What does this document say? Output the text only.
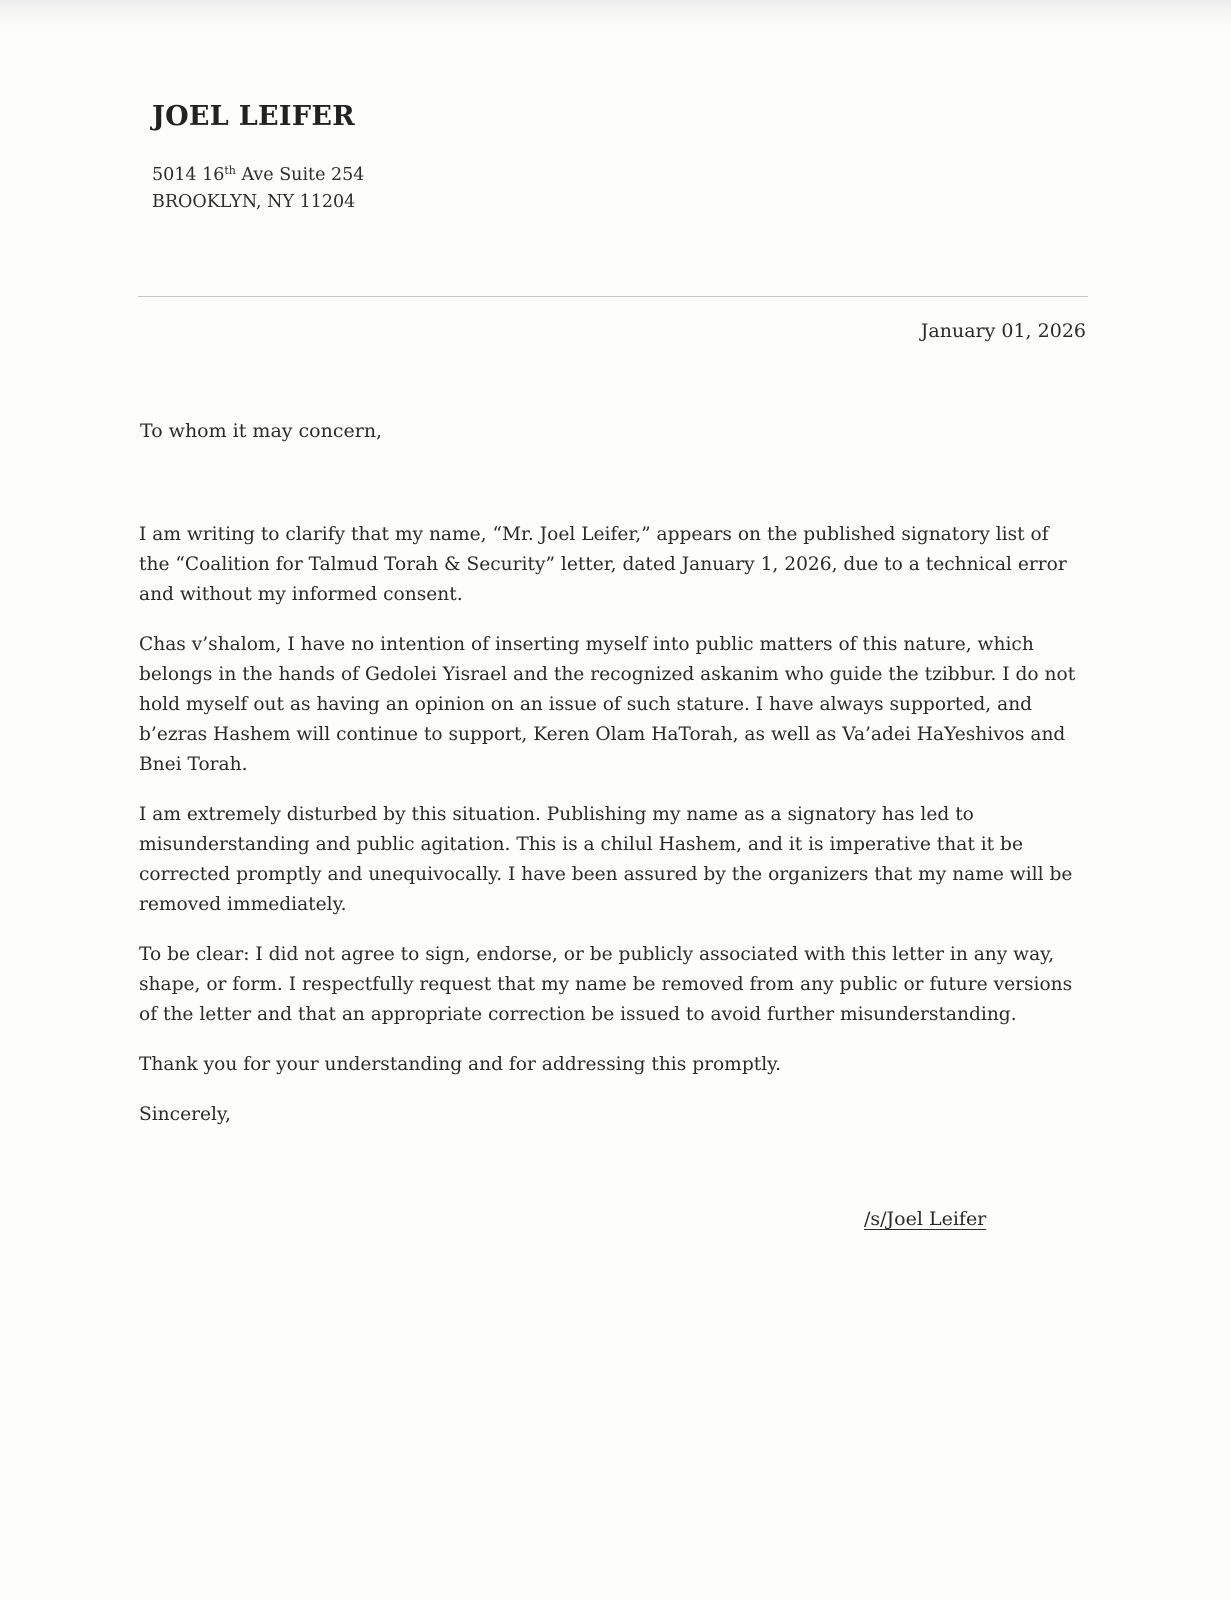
JOEL LEIFER
5014 16th Ave Suite 254
BROOKLYN, NY 11204
January 01, 2026
To whom it may concern,

I am writing to clarify that my name, “Mr. Joel Leifer,” appears on the published signatory list of the “Coalition for Talmud Torah & Security” letter, dated January 1, 2026, due to a technical error and without my informed consent.

Chas v’shalom, I have no intention of inserting myself into public matters of this nature, which belongs in the hands of Gedolei Yisrael and the recognized askanim who guide the tzibbur. I do not hold myself out as having an opinion on an issue of such stature. I have always supported, and b’ezras Hashem will continue to support, Keren Olam HaTorah, as well as Va’adei HaYeshivos and Bnei Torah.

I am extremely disturbed by this situation. Publishing my name as a signatory has led to misunderstanding and public agitation. This is a chilul Hashem, and it is imperative that it be corrected promptly and unequivocally. I have been assured by the organizers that my name will be removed immediately.

To be clear: I did not agree to sign, endorse, or be publicly associated with this letter in any way, shape, or form. I respectfully request that my name be removed from any public or future versions of the letter and that an appropriate correction be issued to avoid further misunderstanding.

Thank you for your understanding and for addressing this promptly.

Sincerely,

/s/Joel Leifer
